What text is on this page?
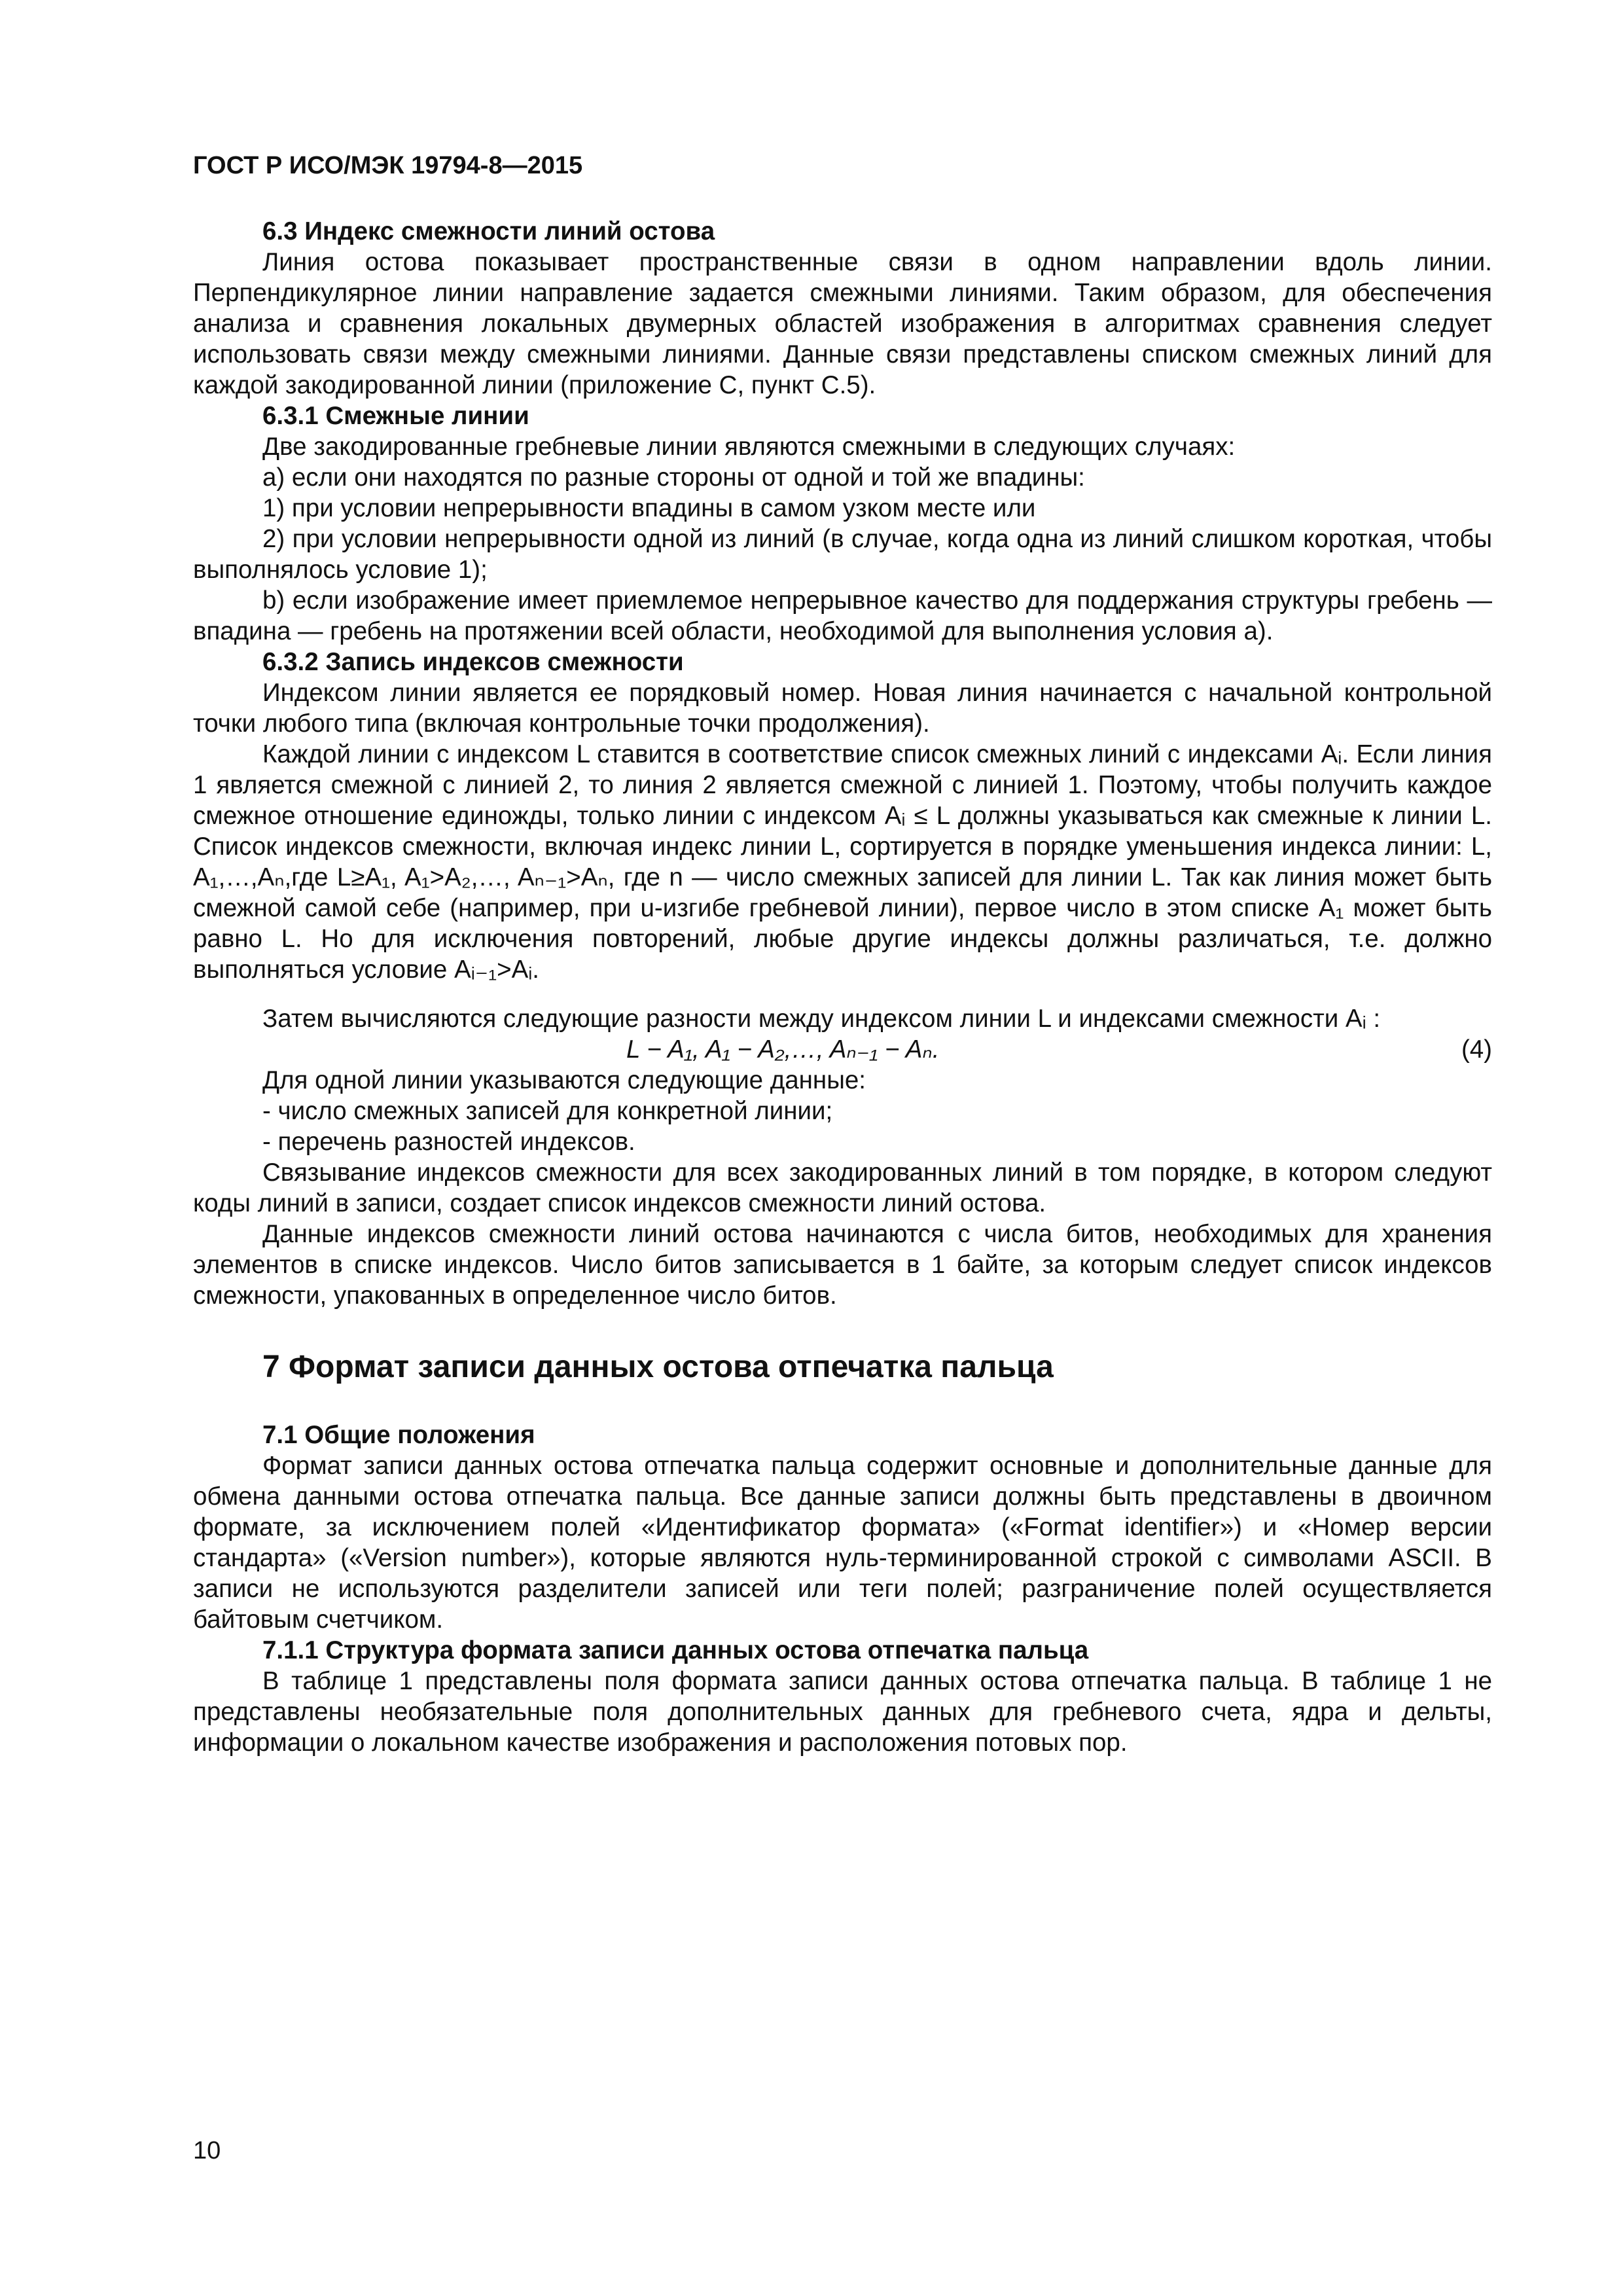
ГОСТ Р ИСО/МЭК 19794-8—2015
6.3 Индекс смежности линий остова

Линия остова показывает пространственные связи в одном направлении вдоль линии. Перпендикулярное линии направление задается смежными линиями. Таким образом, для обеспечения анализа и сравнения локальных двумерных областей изображения в алгоритмах сравнения следует использовать связи между смежными линиями. Данные связи представлены списком смежных линий для каждой закодированной линии (приложение С, пункт С.5).

6.3.1 Смежные линии

Две закодированные гребневые линии являются смежными в следующих случаях:

а) если они находятся по разные стороны от одной и той же впадины:

1) при условии непрерывности впадины в самом узком месте или

2) при условии непрерывности одной из линий (в случае, когда одна из линий слишком короткая, чтобы выполнялось условие 1);

b) если изображение имеет приемлемое непрерывное качество для поддержания структуры гребень — впадина — гребень на протяжении всей области, необходимой для выполнения условия а).

6.3.2 Запись индексов смежности

Индексом линии является ее порядковый номер. Новая линия начинается с начальной контрольной точки любого типа (включая контрольные точки продолжения).

Каждой линии с индексом L ставится в соответствие список смежных линий с индексами Aᵢ. Если линия 1 является смежной с линией 2, то линия 2 является смежной с линией 1. Поэтому, чтобы получить каждое смежное отношение единожды, только линии с индексом Aᵢ ≤ L должны указываться как смежные к линии L. Список индексов смежности, включая индекс линии L, сортируется в порядке уменьшения индекса линии: L, A₁,…,Aₙ,где L≥A₁, A₁>A₂,…, Aₙ₋₁>Aₙ, где n — число смежных записей для линии L. Так как линия может быть смежной самой себе (например, при u-изгибе гребневой линии), первое число в этом списке A₁ может быть равно L. Но для исключения повторений, любые другие индексы должны различаться, т.е. должно выполняться условие Aᵢ₋₁>Aᵢ.

Затем вычисляются следующие разности между индексом линии L и индексами смежности Aᵢ :

L − A₁, A₁ − A₂,…, Aₙ₋₁ − Aₙ.	(4)

Для одной линии указываются следующие данные:

- число смежных записей для конкретной линии;

- перечень разностей индексов.

Связывание индексов смежности для всех закодированных линий в том порядке, в котором следуют коды линий в записи, создает список индексов смежности линий остова.

Данные индексов смежности линий остова начинаются с числа битов, необходимых для хранения элементов в списке индексов. Число битов записывается в 1 байте, за которым следует список индексов смежности, упакованных в определенное число битов.

7 Формат записи данных остова отпечатка пальца
7.1 Общие положения

Формат записи данных остова отпечатка пальца содержит основные и дополнительные данные для обмена данными остова отпечатка пальца. Все данные записи должны быть представлены в двоичном формате, за исключением полей «Идентификатор формата» («Format identifier») и «Номер версии стандарта» («Version number»), которые являются нуль-терминированной строкой с символами ASCII. В записи не используются разделители записей или теги полей; разграничение полей осуществляется байтовым счетчиком.

7.1.1 Структура формата записи данных остова отпечатка пальца

В таблице 1 представлены поля формата записи данных остова отпечатка пальца. В таблице 1 не представлены необязательные поля дополнительных данных для гребневого счета, ядра и дельты, информации о локальном качестве изображения и расположения потовых пор.

10
